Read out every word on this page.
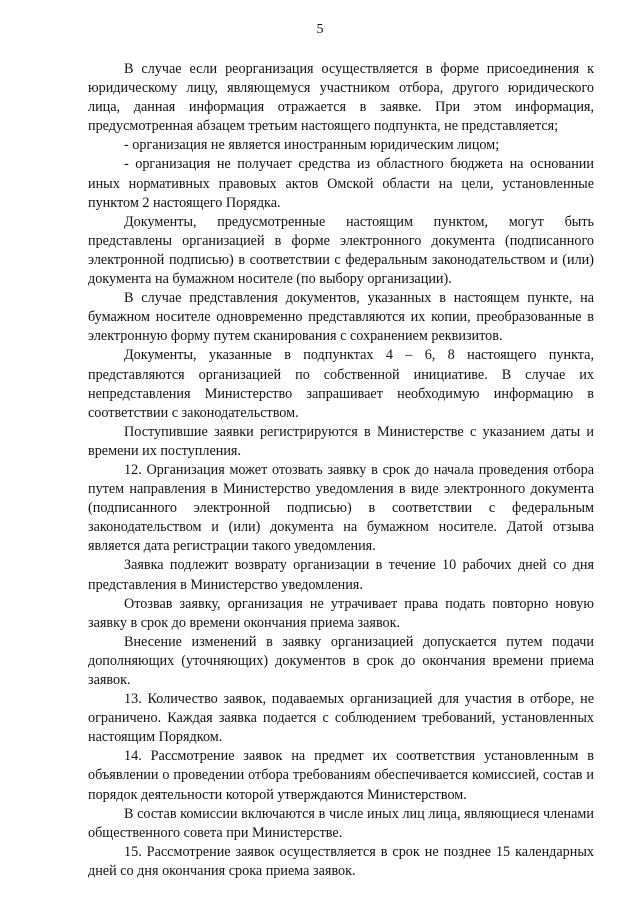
5

В случае если реорганизация осуществляется в форме присоединения к юридическому лицу, являющемуся участником отбора, другого юридического лица, данная информация отражается в заявке. При этом информация, предусмотренная абзацем третьим настоящего подпункта, не представляется;

- организация не является иностранным юридическим лицом;

- организация не получает средства из областного бюджета на основании иных нормативных правовых актов Омской области на цели, установленные пунктом 2 настоящего Порядка.

Документы, предусмотренные настоящим пунктом, могут быть представлены организацией в форме электронного документа (подписанного электронной подписью) в соответствии с федеральным законодательством и (или) документа на бумажном носителе (по выбору организации).

В случае представления документов, указанных в настоящем пункте, на бумажном носителе одновременно представляются их копии, преобразованные в электронную форму путем сканирования с сохранением реквизитов.

Документы, указанные в подпунктах 4 – 6, 8 настоящего пункта, представляются организацией по собственной инициативе. В случае их непредставления Министерство запрашивает необходимую информацию в соответствии с законодательством.

Поступившие заявки регистрируются в Министерстве с указанием даты и времени их поступления.

12. Организация может отозвать заявку в срок до начала проведения отбора путем направления в Министерство уведомления в виде электронного документа (подписанного электронной подписью) в соответствии с федеральным законодательством и (или) документа на бумажном носителе. Датой отзыва является дата регистрации такого уведомления.

Заявка подлежит возврату организации в течение 10 рабочих дней со дня представления в Министерство уведомления.

Отозвав заявку, организация не утрачивает права подать повторно новую заявку в срок до времени окончания приема заявок.

Внесение изменений в заявку организацией допускается путем подачи дополняющих (уточняющих) документов в срок до окончания времени приема заявок.

13. Количество заявок, подаваемых организацией для участия в отборе, не ограничено. Каждая заявка подается с соблюдением требований, установленных настоящим Порядком.

14. Рассмотрение заявок на предмет их соответствия установленным в объявлении о проведении отбора требованиям обеспечивается комиссией, состав и порядок деятельности которой утверждаются Министерством.

В состав комиссии включаются в числе иных лиц лица, являющиеся членами общественного совета при Министерстве.

15. Рассмотрение заявок осуществляется в срок не позднее 15 календарных дней со дня окончания срока приема заявок.
